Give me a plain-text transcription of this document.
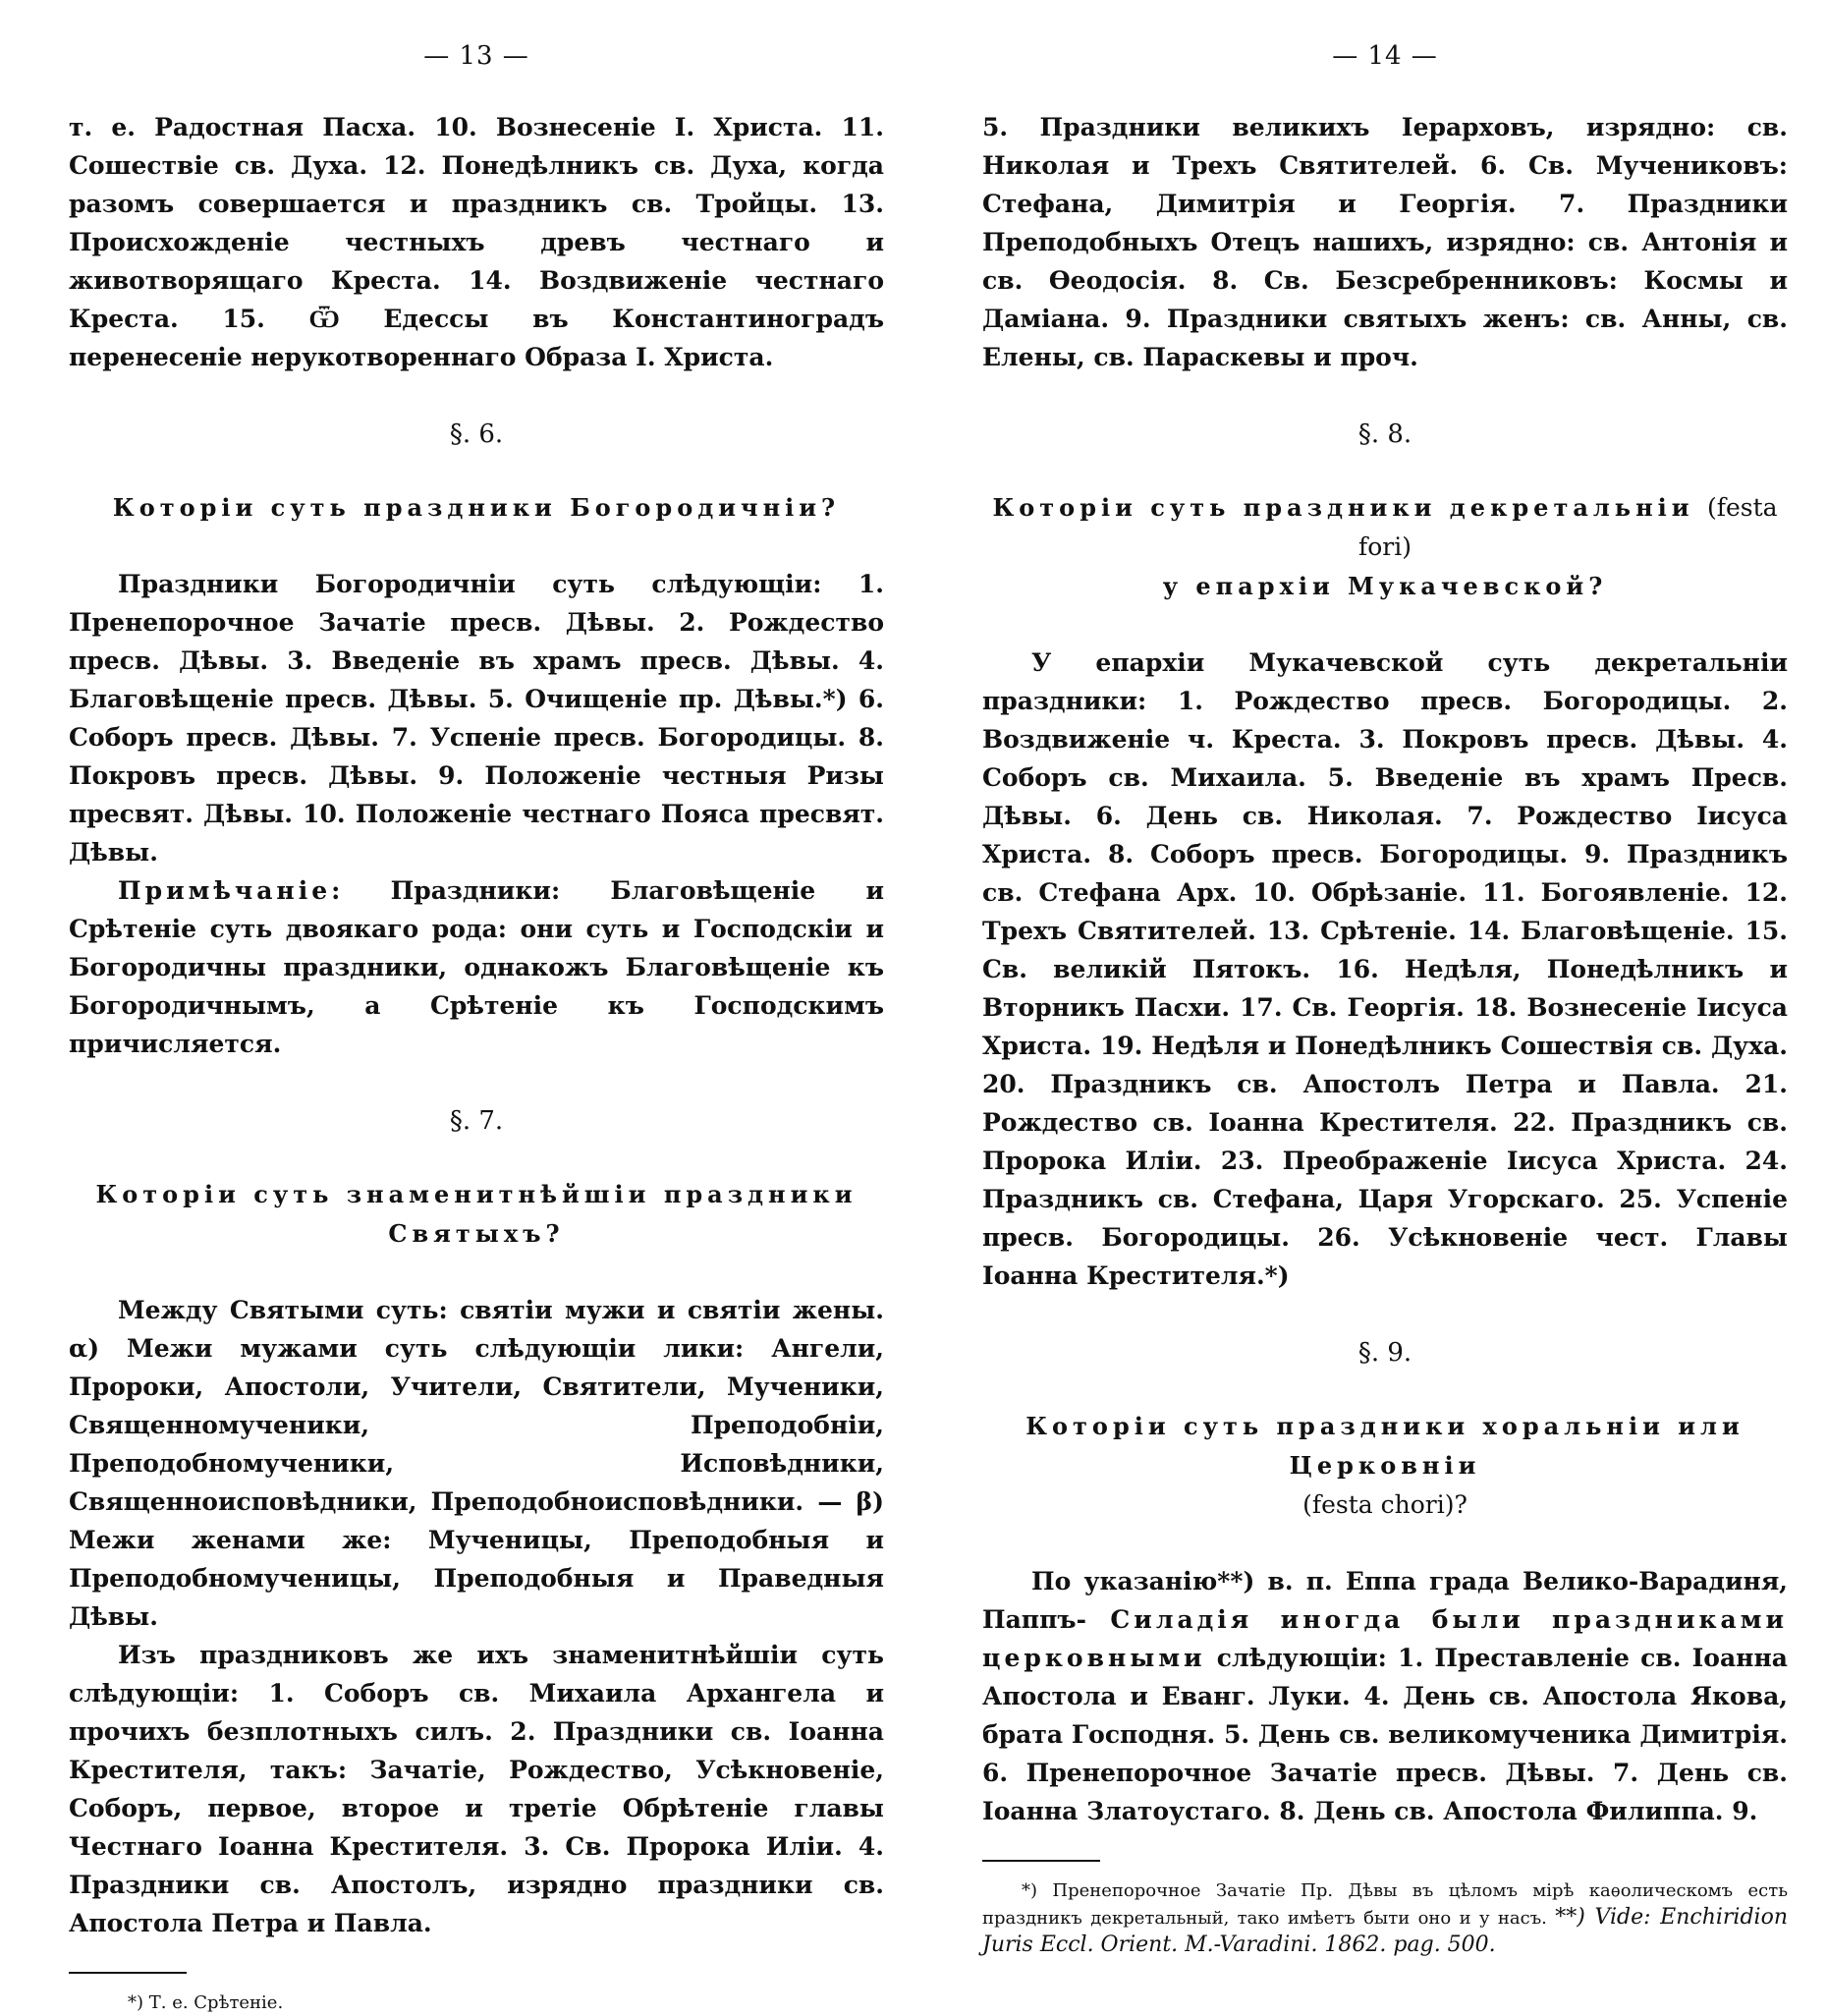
— 13 —

т. е. Радостная Пасха. 10. Вознесеніе І. Христа. 11. Сошествіе св. Духа. 12. Понедѣлникъ св. Духа, когда разомъ совершается и праздникъ св. Тройцы. 13. Происхожденіе честныхъ древъ честнаго и животворящаго Креста. 14. Воздвиженіе честнаго Креста. 15. Ѿ Едессы въ Константиноградъ перенесеніе нерукотвореннаго Образа І. Христа.

§. 6.
Которіи суть праздники Богородичніи?

Праздники Богородичніи суть слѣдующіи: 1. Пренепорочное Зачатіе пресв. Дѣвы. 2. Рождество пресв. Дѣвы. 3. Введеніе въ храмъ пресв. Дѣвы. 4. Благовѣщеніе пресв. Дѣвы. 5. Очищеніе пр. Дѣвы.*) 6. Соборъ пресв. Дѣвы. 7. Успеніе пресв. Богородицы. 8. Покровъ пресв. Дѣвы. 9. Положеніе честныя Ризы пресвят. Дѣвы. 10. Положеніе честнаго Пояса пресвят. Дѣвы.

Примѣчаніе: Праздники: Благовѣщеніе и Срѣтеніе суть двоякаго рода: они суть и Господскіи и Богородичны праздники, однакожъ Благовѣщеніе къ Богородичнымъ, а Срѣтеніе къ Господскимъ причисляется.

§. 7.
Которіи суть знаменитнѣйшіи праздники
Святыхъ?

Между Святыми суть: святіи мужи и святіи жены. α) Межи мужами суть слѣдующіи лики: Ангели, Пророки, Апостоли, Учители, Святители, Мученики, Священномученики, Преподобніи, Преподобномученики, Исповѣдники, Священноисповѣдники, Преподобноисповѣдники. — β) Межи женами же: Мученицы, Преподобныя и Преподобномученицы, Преподобныя и Праведныя Дѣвы.

Изъ праздниковъ же ихъ знаменитнѣйшіи суть слѣдующіи: 1. Соборъ св. Михаила Архангела и прочихъ безплотныхъ силъ. 2. Праздники св. Іоанна Крестителя, такъ: Зачатіе, Рождество, Усѣкновеніе, Соборъ, первое, второе и третіе Обрѣтеніе главы Честнаго Іоанна Крестителя. 3. Св. Пророка Иліи. 4. Праздники св. Апостолъ, изрядно праздники св. Апостола Петра и Павла.

*) Т. е. Срѣтеніе.

— 14 —

5. Праздники великихъ Іерарховъ, изрядно: св. Николая и Трехъ Святителей. 6. Св. Мучениковъ: Стефана, Димитрія и Георгія. 7. Праздники Преподобныхъ Отецъ нашихъ, изрядно: св. Антонія и св. Ѳеодосія. 8. Св. Безсребренниковъ: Космы и Даміана. 9. Праздники святыхъ женъ: св. Анны, св. Елены, св. Параскевы и проч.

§. 8.
Которіи суть праздники декретальніи (festa fori)
у епархіи Мукачевской?

У епархіи Мукачевской суть декретальніи праздники: 1. Рождество пресв. Богородицы. 2. Воздвиженіе ч. Креста. 3. Покровъ пресв. Дѣвы. 4. Соборъ св. Михаила. 5. Введеніе въ храмъ Пресв. Дѣвы. 6. День св. Николая. 7. Рождество Іисуса Христа. 8. Соборъ пресв. Богородицы. 9. Праздникъ св. Стефана Арх. 10. Обрѣзаніе. 11. Богоявленіе. 12. Трехъ Святителей. 13. Срѣтеніе. 14. Благовѣщеніе. 15. Св. великій Пятокъ. 16. Недѣля, Понедѣлникъ и Вторникъ Пасхи. 17. Св. Георгія. 18. Вознесеніе Іисуса Христа. 19. Недѣля и Понедѣлникъ Сошествія св. Духа. 20. Праздникъ св. Апостолъ Петра и Павла. 21. Рождество св. Іоанна Крестителя. 22. Праздникъ св. Пророка Иліи. 23. Преображеніе Іисуса Христа. 24. Праздникъ св. Стефана, Царя Угорскаго. 25. Успеніе пресв. Богородицы. 26. Усѣкновеніе чест. Главы Іоанна Крестителя.*)

§. 9.
Которіи суть праздники хоральніи или Церковніи
(festa chori)?

По указанію**) в. п. Еппа града Велико-Варадиня, Паппъ- Силадія иногда были праздниками церковными слѣдующіи: 1. Преставленіе св. Іоанна Апостола и Еванг. Луки. 4. День св. Апостола Якова, брата Господня. 5. День св. великомученика Димитрія. 6. Пренепорочное Зачатіе пресв. Дѣвы. 7. День св. Іоанна Златоустаго. 8. День св. Апостола Филиппа. 9.

*) Пренепорочное Зачатіе Пр. Дѣвы въ цѣломъ мірѣ каѳолическомъ есть праздникъ декретальный, тако имѣетъ быти оно и у насъ. **) Vide: Enchiridion Juris Eccl. Orient. M.-Varadini. 1862. pag. 500.
